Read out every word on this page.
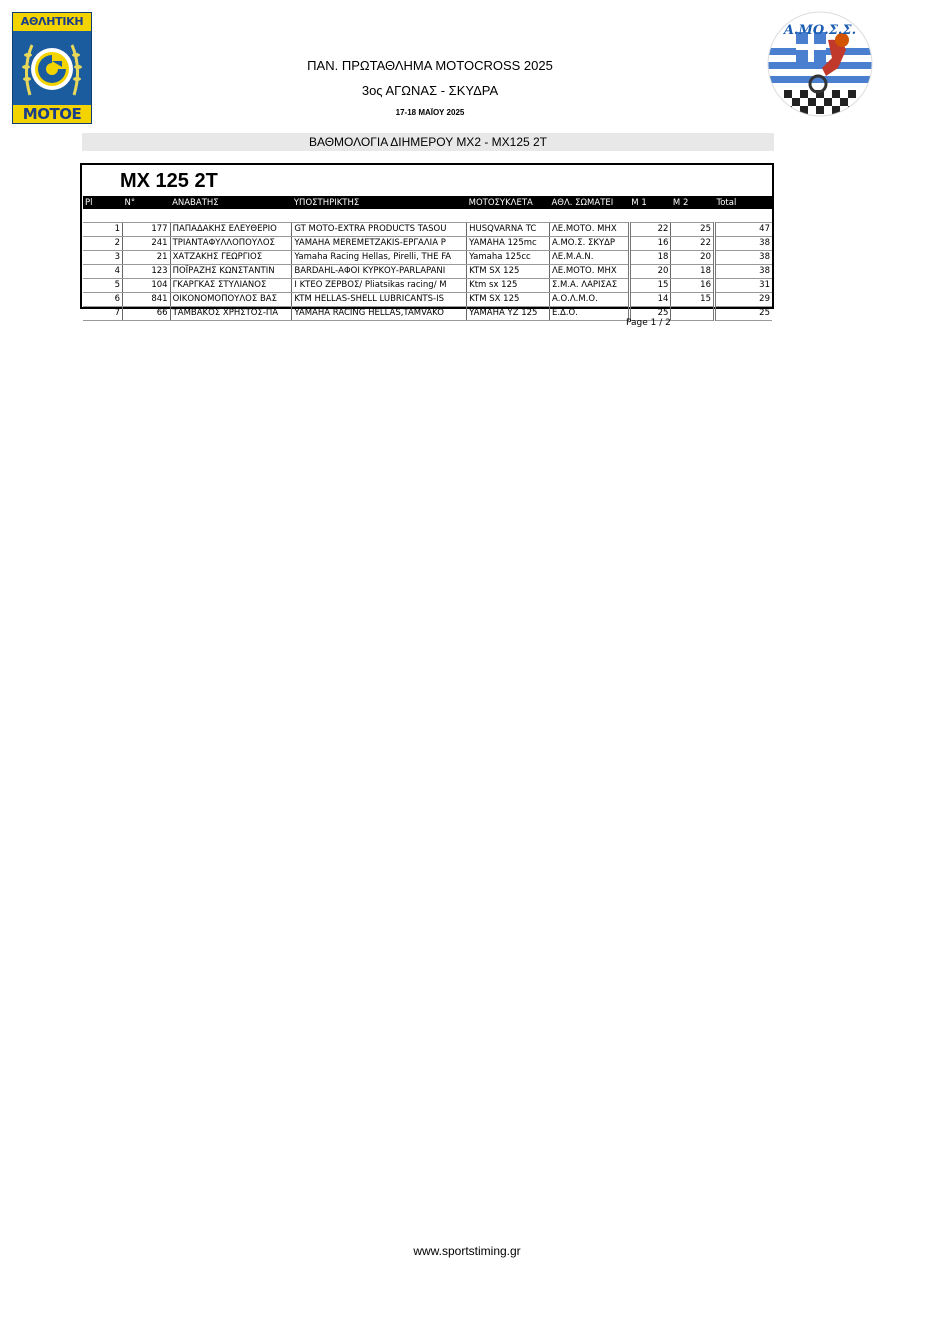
ΑΘΛΗΤΙΚΗ
ΜΟΤΟΕ
Α.ΜΟ.Σ.Σ.
ΠΑΝ. ΠΡΩΤΑΘΛΗΜΑ MOTOCROSS 2025
3ος ΑΓΩΝΑΣ - ΣΚΥΔΡΑ
17-18 ΜΑΪΟΥ 2025
ΒΑΘΜΟΛΟΓΙΑ ΔΙΗΜΕΡΟΥ MX2 - MX125 2T
MX 125 2T
Pl	N°	ΑΝΑΒΑΤΗΣ	ΥΠΟΣΤΗΡΙΚΤΗΣ	ΜΟΤΟΣΥΚΛΕΤΑ	ΑΘΛ. ΣΩΜΑΤΕΙ	M 1	M 2	Total

1	177	ΠΑΠΑΔΑΚΗΣ ΕΛΕΥΘΕΡΙΟ	GT MOTO-EXTRA PRODUCTS TASOU	HUSQVARNA TC	ΛΕ.ΜΟΤΟ. ΜΗΧ	22	25	47
2	241	ΤΡΙΑΝΤΑΦΥΛΛΟΠΟΥΛΟΣ	YAMAHA MEREMETZAKIS-ΕΡΓΑΛΙΑ Ρ	YAMAHA 125mc	Α.ΜΟ.Σ. ΣΚΥΔΡ	16	22	38
3	21	ΧΑΤΖΑΚΗΣ ΓΕΩΡΓΙΟΣ	Yamaha Racing Hellas, Pirelli, THE FA	Yamaha 125cc	ΛΕ.Μ.Α.Ν.	18	20	38
4	123	ΠΟΪΡΑΖΗΣ ΚΩΝΣΤΑΝΤΙΝ	BARDAHL-ΑΦΟΙ ΚΥΡΚΟΥ-PARLAPANI	KTM SX 125	ΛΕ.ΜΟΤΟ. ΜΗΧ	20	18	38
5	104	ΓΚΑΡΓΚΑΣ ΣΤΥΛΙΑΝΟΣ	Ι ΚΤΕΟ ΖΕΡΒΟΣ/ Pliatsikas racing/ Μ	Ktm sx 125	Σ.Μ.Α. ΛΑΡΙΣΑΣ	15	16	31
6	841	ΟΙΚΟΝΟΜΟΠΟΥΛΟΣ ΒΑΣ	KTM HELLAS-SHELL LUBRICANTS-IS	KTM SX 125	Α.Ο.Λ.Μ.Ο.	14	15	29
7	66	ΤΑΜΒΑΚΟΣ ΧΡΗΣΤΟΣ-ΠΑ	YAMAHA RACING HELLAS,TAMVAKO	YAMAHA YZ 125	Ε.Δ.Ο.	25		25
Page 1 / 2
www.sportstiming.gr
